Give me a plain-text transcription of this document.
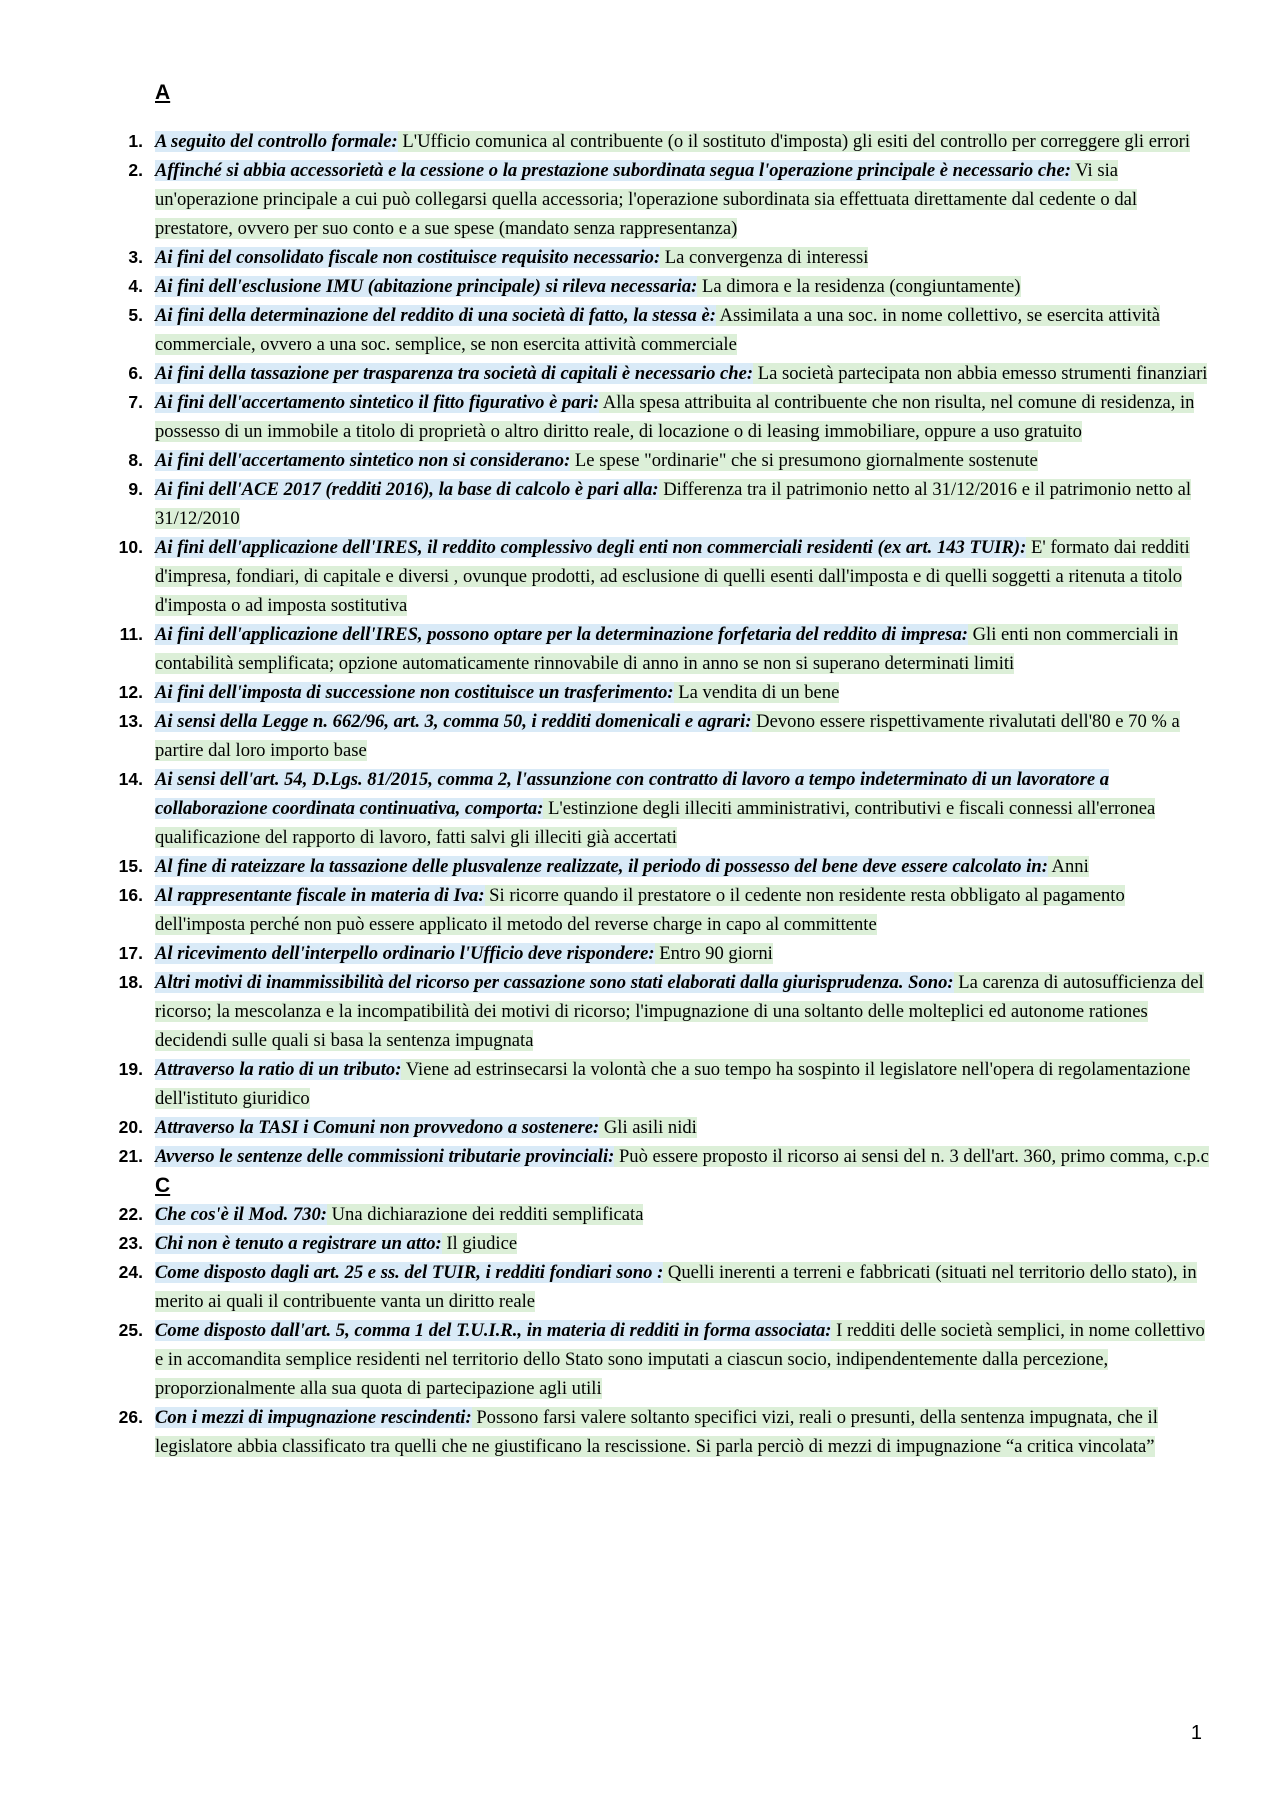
A
1. A seguito del controllo formale: L'Ufficio comunica al contribuente (o il sostituto d'imposta) gli esiti del controllo per correggere gli errori
2. Affinché si abbia accessorietà e la cessione o la prestazione subordinata segua l'operazione principale è necessario che: Vi sia un'operazione principale a cui può collegarsi quella accessoria; l'operazione subordinata sia effettuata direttamente dal cedente o dal prestatore, ovvero per suo conto e a sue spese (mandato senza rappresentanza)
3. Ai fini del consolidato fiscale non costituisce requisito necessario: La convergenza di interessi
4. Ai fini dell'esclusione IMU (abitazione principale) si rileva necessaria: La dimora e la residenza (congiuntamente)
5. Ai fini della determinazione del reddito di una società di fatto, la stessa è: Assimilata a una soc. in nome collettivo, se esercita attività commerciale, ovvero a una soc. semplice, se non esercita attività commerciale
6. Ai fini della tassazione per trasparenza tra società di capitali è necessario che: La società partecipata non abbia emesso strumenti finanziari
7. Ai fini dell'accertamento sintetico il fitto figurativo è pari: Alla spesa attribuita al contribuente che non risulta, nel comune di residenza, in possesso di un immobile a titolo di proprietà o altro diritto reale, di locazione o di leasing immobiliare, oppure a uso gratuito
8. Ai fini dell'accertamento sintetico non si considerano: Le spese "ordinarie" che si presumono giornalmente sostenute
9. Ai fini dell'ACE 2017 (redditi 2016), la base di calcolo è pari alla: Differenza tra il patrimonio netto al 31/12/2016 e il patrimonio netto al 31/12/2010
10. Ai fini dell'applicazione dell'IRES, il reddito complessivo degli enti non commerciali residenti (ex art. 143 TUIR): E' formato dai redditi d'impresa, fondiari, di capitale e diversi , ovunque prodotti, ad esclusione di quelli esenti dall'imposta e di quelli soggetti a ritenuta a titolo d'imposta o ad imposta sostitutiva
11. Ai fini dell'applicazione dell'IRES, possono optare per la determinazione forfetaria del reddito di impresa: Gli enti non commerciali in contabilità semplificata; opzione automaticamente rinnovabile di anno in anno se non si superano determinati limiti
12. Ai fini dell'imposta di successione non costituisce un trasferimento: La vendita di un bene
13. Ai sensi della Legge n. 662/96, art. 3, comma 50, i redditi domenicali e agrari: Devono essere rispettivamente rivalutati dell'80 e 70 % a partire dal loro importo base
14. Ai sensi dell'art. 54, D.Lgs. 81/2015, comma 2, l'assunzione con contratto di lavoro a tempo indeterminato di un lavoratore a collaborazione coordinata continuativa, comporta: L'estinzione degli illeciti amministrativi, contributivi e fiscali connessi all'erronea qualificazione del rapporto di lavoro, fatti salvi gli illeciti già accertati
15. Al fine di rateizzare la tassazione delle plusvalenze realizzate, il periodo di possesso del bene deve essere calcolato in: Anni
16. Al rappresentante fiscale in materia di Iva: Si ricorre quando il prestatore o il cedente non residente resta obbligato al pagamento dell'imposta perché non può essere applicato il metodo del reverse charge in capo al committente
17. Al ricevimento dell'interpello ordinario l'Ufficio deve rispondere: Entro 90 giorni
18. Altri motivi di inammissibilità del ricorso per cassazione sono stati elaborati dalla giurisprudenza. Sono: La carenza di autosufficienza del ricorso; la mescolanza e la incompatibilità dei motivi di ricorso; l'impugnazione di una soltanto delle molteplici ed autonome rationes decidendi sulle quali si basa la sentenza impugnata
19. Attraverso la ratio di un tributo: Viene ad estrinsecarsi la volontà che a suo tempo ha sospinto il legislatore nell'opera di regolamentazione dell'istituto giuridico
20. Attraverso la TASI i Comuni non provvedono a sostenere: Gli asili nidi
21. Avverso le sentenze delle commissioni tributarie provinciali: Può essere proposto il ricorso ai sensi del n. 3 dell'art. 360, primo comma, c.p.c
C
22. Che cos'è il Mod. 730: Una dichiarazione dei redditi semplificata
23. Chi non è tenuto a registrare un atto: Il giudice
24. Come disposto dagli art. 25 e ss. del TUIR, i redditi fondiari sono : Quelli inerenti a terreni e fabbricati (situati nel territorio dello stato), in merito ai quali il contribuente vanta un diritto reale
25. Come disposto dall'art. 5, comma 1 del T.U.I.R., in materia di redditi in forma associata: I redditi delle società semplici, in nome collettivo e in accomandita semplice residenti nel territorio dello Stato sono imputati a ciascun socio, indipendentemente dalla percezione, proporzionalmente alla sua quota di partecipazione agli utili
26. Con i mezzi di impugnazione rescindenti: Possono farsi valere soltanto specifici vizi, reali o presunti, della sentenza impugnata, che il legislatore abbia classificato tra quelli che ne giustificano la rescissione. Si parla perciò di mezzi di impugnazione “a critica vincolata”
1
